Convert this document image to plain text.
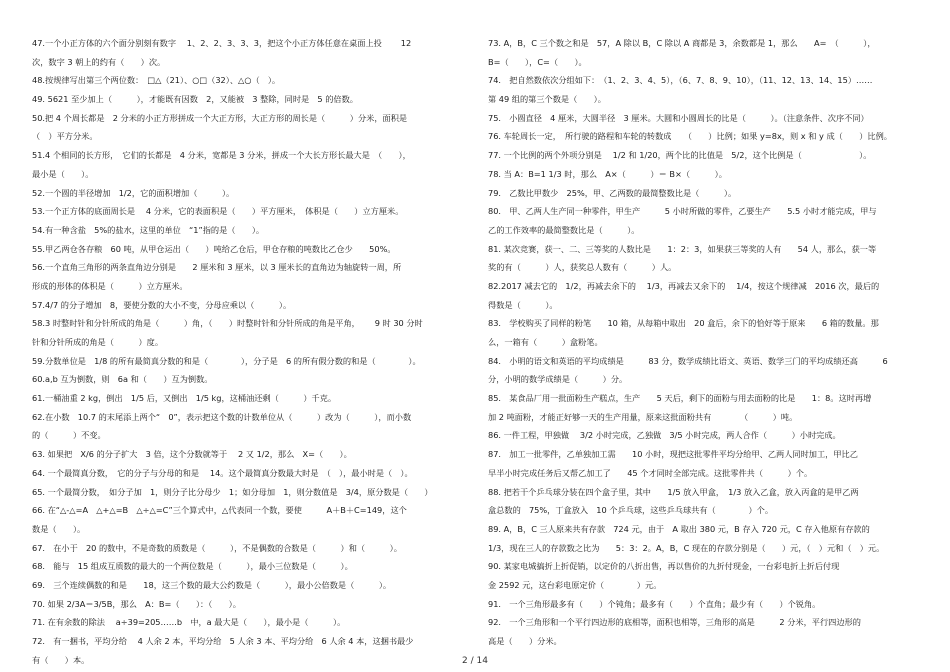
47.一个小正方体的六个面分别刻有数字　 1、2、2、3、3、3，把这个小正方体任意在桌面上投　　 12
次，数字 3 朝上的约有（　　）次。
48.按规律写出第三个两位数：　□△（21）、○□（32）、△○（　）。
49. 5621 至少加上（　　　），才能既有因数　2，又能被　3 整除，同时是　5 的倍数。
50.把 4 个周长都是　2 分米的小正方形拼成一个大正方形，大正方形的周长是（　　　）分米，面积是
（　）平方分米。
51.4 个相同的长方形，　它们的长都是　4 分米，宽都是 3 分米，拼成一个大长方形长最大是　（　　），
最小是（　　）。
52.一个圆的半径增加　1/2，它的面积增加（　　　）。
53.一个正方体的底面周长是　 4 分米，它的表面积是（　　）平方厘米，　体积是（　　）立方厘米。
54.有一种含盐　5%的盐水，这里的单位　“1”指的是（　　）。
55.甲乙两仓各存粮　60 吨，从甲仓运出（　　）吨给乙仓后，甲仓存粮的吨数比乙仓少　　50%。
56.一个直角三角形的两条直角边分别是　　2 厘米和 3 厘米，以 3 厘米长的直角边为轴旋转一周，所
形成的形体的体积是（　　　）立方厘米。
57.4/7 的分子增加　8，要使分数的大小不变，分母应乘以（　　　）。
58.3 时整时针和分针所成的角是（　　　）角，（　　）时整时针和分针所成的角是平角，　　 9 时 30 分时
针和分针所成的角是（　　　）度。
59.分数单位是　1/8 的所有最简真分数的和是（　　　　），分子是　6 的所有假分数的和是（　　　　）。
60.a,b 互为倒数，则　6a 和（　　）互为倒数。
61.一桶油重 2 kg，倒出　1/5 后，又倒出　1/5 kg，这桶油还剩（　　　）千克。
62.在小数　10.7 的末尾添上两个“　0”，表示把这个数的计数单位从（　　　）改为（　　　），而小数
的（　　　）不变。
63. 如果把　X/6 的分子扩大　3 倍，这个分数就等于　 2 又 1/2，那么　X=（　　）。
64. 一个最简真分数，　它的分子与分母的和是　 14。这个最简真分数最大时是　（　），最小时是（　）。
65. 一个最简分数，　如分子加　1，则分子比分母少　1；如分母加　1，则分数值是　3/4，原分数是（　　）
66. 在“△-△=A　△+△=B　△÷△=C”三个算式中，△代表同一个数，要使　　　A＋B＋C=149，这个
数是（　　）。
67.　在小于　20 的数中，不是奇数的质数是（　　　），不是偶数的合数是（　　　）和（　　　）。
68.　能与　15 组成互质数的最大的一个两位数是（　　　），最小三位数是（　　　）。
69.　三个连续偶数的和是　　18，这三个数的最大公约数是（　　　），最小公倍数是（　　　）。
70. 如果 2/3A＝3/5B，那么　A：B=（　　）：（　　）。
71. 在有余数的除法　 a÷39=205……b　中，a 最大是（　　），最小是（　　　）。
72.　有一捆书，平均分给　 4 人余 2 本，平均分给　5 人余 3 本、平均分给　6 人余 4 本，这捆书最少
有（　　）本。
73. A，B，C 三个数之和是　57，A 除以 B，C 除以 A 商都是 3，余数都是 1，那么　　A=　（　　　），
B=（　　），C=（　　）。
74.　把自然数依次分组如下：　（1、2、3、4、5），（6、7、8、9、10），（11、12、13、14、15）……
第 49 组的第三个数是（　　）。
75.　小圆直径　4 厘米，大圆半径　3 厘米。大圆和小圆周长的比是（　　　）。（注意条件、次序不同）
76. 车轮周长一定，　所行驶的路程和车轮的转数成　　（　　）比例；如果 y=8x，则 x 和 y 成（　　）比例。
77. 一个比例的两个外项分别是　 1/2 和 1/20，两个比的比值是　5/2，这个比例是（　　　　　　　）。
78. 当 A：B=1 1/3 时，那么　A×（　　　）＝ B×（　　　）。
79.　乙数比甲数少　25%，甲、乙两数的最简整数比是（　　　）。
80.　甲、乙两人生产同一种零件，甲生产　　　5 小时所做的零件，乙要生产　　5.5 小时才能完成，甲与
乙的工作效率的最简整数比是（　　　）。
81. 某次竞赛，获一、二、三等奖的人数比是　　1：2：3，如果获三等奖的人有　　54 人，那么，获一等
奖的有（　　　）人，获奖总人数有（　　　）人。
82.2017 减去它的　1/2，再减去余下的　 1/3，再减去又余下的　 1/4，按这个规律减　2016 次，最后的
得数是（　　　）。
83.　学校购买了同样的粉笔　　10 箱，从每箱中取出　20 盒后，余下的恰好等于原来　　6 箱的数量。那
么，一箱有（　　　）盒粉笔。
84.　小明的语文和英语的平均成绩是　　　83 分，数学成绩比语文、英语、数学三门的平均成绩还高　　　6
分，小明的数学成绩是（　　　）分。
85.　某食品厂用一批面粉生产糕点，生产　　5 天后，剩下的面粉与用去面粉的比是　　1：8。这时再增
加 2 吨面粉，才能正好够一天的生产用量，原来这批面粉共有　　　　（　　　）吨。
86. 一件工程，甲独做　 3/2 小时完成，乙独做　3/5 小时完成，两人合作（　　　）小时完成。
87.　加工一批零件，乙单独加工需　　10 小时，现把这批零件平均分给甲、乙两人同时加工，甲比乙
早半小时完成任务后又帮乙加工了　　45 个才同时全部完成。这批零件共（　　　）个。
88. 把若干个乒乓球分装在四个盒子里，其中　　1/5 放入甲盒，　1/3 放入乙盒，放入丙盒的是甲乙两
盒总数的　75%，丁盒放入　10 个乒乓球，这些乒乓球共有（　　　　）个。
89. A，B，C 三人原来共有存款　724 元，由于　A 取出 380 元，B 存入 720 元，C 存入他原有存款的
1/3，现在三人的存款数之比为　　5：3：2。A，B，C 现在的存款分别是（　　）元，（　）元和（　）元。
90. 某家电城搞折上折促销，以定价的八折出售，再以售价的九折付现金，一台彩电折上折后付现
金 2592 元，这台彩电原定价（　　　　）元。
91.　一个三角形最多有（　　）个钝角；最多有（　　）个直角；最少有（　　）个锐角。
92.　一个三角形和一个平行四边形的底相等，面积也相等，三角形的高是　　　2 分米，平行四边形的
高是（　　）分米。
2 / 14
